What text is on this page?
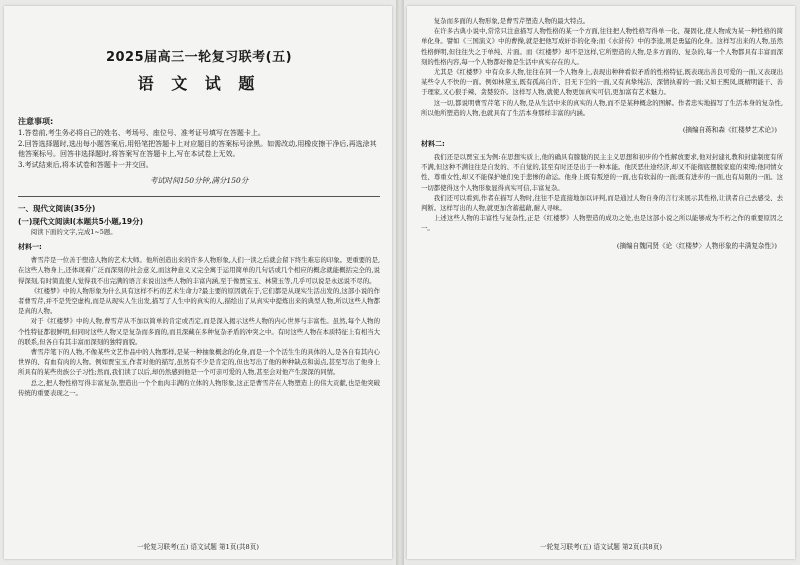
2025届高三一轮复习联考(五)
语 文 试 题
注意事项:
1.答卷前,考生务必将自己的姓名、考场号、座位号、准考证号填写在答题卡上。
2.回答选择题时,选出每小题答案后,用铅笔把答题卡上对应题目的答案标号涂黑。如需改动,用橡皮擦干净后,再选涂其他答案标号。回答非选择题时,将答案写在答题卡上,写在本试卷上无效。
3.考试结束后,将本试卷和答题卡一并交回。
考试时间150分钟,满分150分
一、现代文阅读(35分)
(一)现代文阅读Ⅰ(本题共5小题,19分)

阅读下面的文字,完成1~5题。

材料一:

曹雪芹是一位善于塑造人物的艺术大师。他所创造出来的许多人物形象,人们一读之后就会留下终生难忘的印象。更重要的是,在这些人物身上,还体现着广泛而深刻的社会意义,而这种意义又完全寓于运用简单的几句话或几个相应的概念就能概括完全的,说得深刻,有时简直使人觉得我不出完满的语言来说出这些人物的丰富内涵,至于像贾宝玉、林黛玉等,几乎可以说是永远说不尽的。

《红楼梦》中的人物形象为什么具有这样不朽的艺术生命力?最主要的原因就在于,它们都是从现实生活出发的,这部小说的作者曹雪芹,并不是凭空虚构,而是从现实人生出发,描写了人生中的真实的人,描绘出了从真实中提炼出来的典型人物,所以这些人物都是真的人物。

对于《红楼梦》中的人物,曹雪芹从不加以简单的肯定或否定,而是深入揭示这些人物的内心世界与丰富性。虽然,每个人物的个性特征都很鲜明,但同时这些人物又是复杂而多面的,而且深藏在多种复杂矛盾的冲突之中。有时这些人物在本质特征上有相当大的联系,但各自有其丰富而深刻的独特面貌。

曹雪芹笔下的人物,不像某些文艺作品中的人物那样,是某一种抽象概念的化身,而是一个个活生生的具体的人,是各自有其内心世界的、有血有肉的人物。例如贾宝玉,作者对他的描写,虽然有不少是肯定的,但也写出了他的种种缺点和弱点,甚至写出了他身上所具有的某些贵族公子习性;然而,我们读了以后,却仍然感到他是一个可亲可爱的人物,甚至会对他产生深深的同情。

总之,把人物性格写得丰富复杂,塑造出一个个血肉丰满的立体的人物形象,这正是曹雪芹在人物塑造上的伟大贡献,也是他突破传统的重要表现之一。

一轮复习联考(五) 语文试题 第1页(共8页)

复杂而多面的人物形象,是曹雪芹塑造人物的最大特点。

在许多古典小说中,常常只注意描写人物性格的某一个方面,往往把人物性格写得单一化、凝固化,使人物成为某一种性格的简单化身。譬如《三国演义》中的曹操,就是把他写成奸诈的化身;而《水浒传》中的李逵,则是勇猛的化身。这样写出来的人物,虽然性格鲜明,但往往失之于单纯、片面。而《红楼梦》却不是这样,它所塑造的人物,是多方面的、复杂的,每一个人物都具有丰富而深刻的性格内容,每一个人物都好像是生活中真实存在的人。

尤其是《红楼梦》中有众多人物,往往在同一个人物身上,表现出种种看似矛盾的性格特征,既表现出善良可爱的一面,又表现出某些令人不快的一面。例如林黛玉,既有孤高自许、目无下尘的一面,又有真挚纯洁、深情执着的一面;又如王熙凤,既精明能干、善于理家,又心狠手辣、贪婪狡诈。这样写人物,就使人物更加真实可信,更加富有艺术魅力。

这一切,都说明曹雪芹笔下的人物,是从生活中来的真实的人物,而不是某种概念的图解。作者忠实地描写了生活本身的复杂性,所以他所塑造的人物,也就具有了生活本身那样丰富的内涵。

(摘编自蒋和森《红楼梦艺术论》)
材料二:

我们还是以贾宝玉为例:在思想实质上,他的确具有朦胧的民主主义思想和初步的个性解放要求,他对封建礼教和封建制度有所不满,但这种不满往往是自发的、不自觉的,甚至有时还是出于一种本能。他厌恶仕途经济,却又不能彻底摆脱家庭的束缚;他同情女性、尊重女性,却又不能保护她们免于悲惨的命运。他身上既有叛逆的一面,也有软弱的一面;既有进步的一面,也有局限的一面。这一切都使得这个人物形象显得真实可信,丰富复杂。

我们还可以看到,作者在描写人物时,往往不是直接地加以评判,而是通过人物自身的言行来展示其性格,让读者自己去感受、去判断。这样写出的人物,就更加含蓄蕴藉,耐人寻味。

上述这些人物的丰富性与复杂性,正是《红楼梦》人物塑造的成功之处,也是这部小说之所以能够成为不朽之作的重要原因之一。

(摘编自魏同贤《论〈红楼梦〉人物形象的丰满复杂性》)
一轮复习联考(五) 语文试题 第2页(共8页)
